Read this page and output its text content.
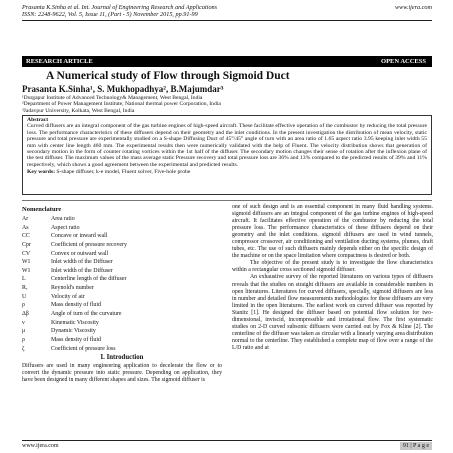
Prasanta K.Sinha et al. Int. Journal of Engineering Research and Applications
ISSN: 2248-9622, Vol. 5, Issue 11, (Part - 5) November 2015, pp.91-99
www.ijera.com
RESEARCH ARTICLE	OPEN ACCESS
A Numerical study of Flow through Sigmoid Duct
Prasanta K.Sinha¹, S. Mukhopadhya², B.Majumdar³
¹Durgapur Institute of Advanced Technology& Management, West Bengal, India
²Department of Power Management Institute, National thermal power Corporation, India
³Jadavpur University, Kolkata, West Bengal, India
Abstract
Curved diffusers are an integral component of the gas turbine engines of high-speed aircraft. These facilitate effective operation of the combustor by reducing the total pressure loss. The performance characteristics of these diffusers depend on their geometry and the inlet conditions. In the present investigation the distribution of mean velocity, static pressure and total pressure are experimentally studied on a S-shape Diffusing Duct of 45°/45° angle of turn with an area ratio of 1.65 aspect ratio 3.95 keeping inlet width 55 mm with center line length 460 mm. The experimental results then were numerically validated with the help of Fluent. The velocity distribution shows that generation of secondary motion in the form of counter rotating vortices within the 1st half of the diffuser. The secondary motion changes their sense of rotation after the inflexion plane of the test diffuser. The maximum values of the mass average static Pressure recovery and total pressure loss are 36% and 13% compared to the predicted results of 39% and 11% respectively, which shows a good agreement between the experimental and predicted results.
Key words: S-shape diffuser, k-e model, Fluent solver, Five-hole probe
Nomenclature
Ar	Area ratio
As	Aspect ratio
CC	Concave or inward wall
Cpr	Coefficient of pressure recovery
CV	Convex or outward wall
W1	Inlet width of the Diffuser
W1	Inlet width of the Diffuser
L	Centerline length of the diffuser
Rₑ	Reynold's number
U	Velocity of air
ρ	Mass density of fluid
Δβ	Angle of turn of the curvature
ν	Kinematic Viscosity
μ	Dynamic Viscosity
ρ	Mass density of fluid
ζ	Coefficient of pressure loss
I. Introduction
Diffusers are used in many engineering application to decelerate the flow or to convert the dynamic pressure into static pressure. Depending on application, they have been designed in many different shapes and sizes. The sigmoid diffuser is
one of such design and is an essential component in many fluid handling systems. sigmoid diffusers are an integral component of the gas turbine engines of high-speed aircraft. It facilitates effective operation of the combustor by reducing the total pressure loss. The performance characteristics of these diffusers depend on their geometry and the inlet conditions. sigmoid diffusers are used in wind tunnels, compressor crossover, air conditioning and ventilation ducting systems, plumes, draft tubes, etc. The use of such diffusers mainly depends either on the specific design of the machine or on the space limitation where compactness is desired or both.
The objective of the present study is to investigate the flow characteristics within a rectangular cross sectioned sigmoid diffuser.
An exhaustive survey of the reported literatures on various types of diffusers reveals that the studies on straight diffusers are available in considerable numbers in open literatures. Literatures for curved diffusers, specially, sigmoid diffusers are less in number and detailed flow measurements methodologies for these diffusers are very limited in the open literatures. The earliest work on curved diffuser was reported by Stanitz [1]. He designed the diffuser based on potential flow solution for two-dimensional, inviscid, incompressible and irrotational flow. The first systematic studies on 2-D curved subsonic diffusers were carried out by Fox & Kline [2]. The centerline of the diffuser was taken as circular with a linearly varying area distribution normal to the centerline. They established a complete map of flow over a range of the L/D ratio and at
www.ijera.com	91 | P a g e
